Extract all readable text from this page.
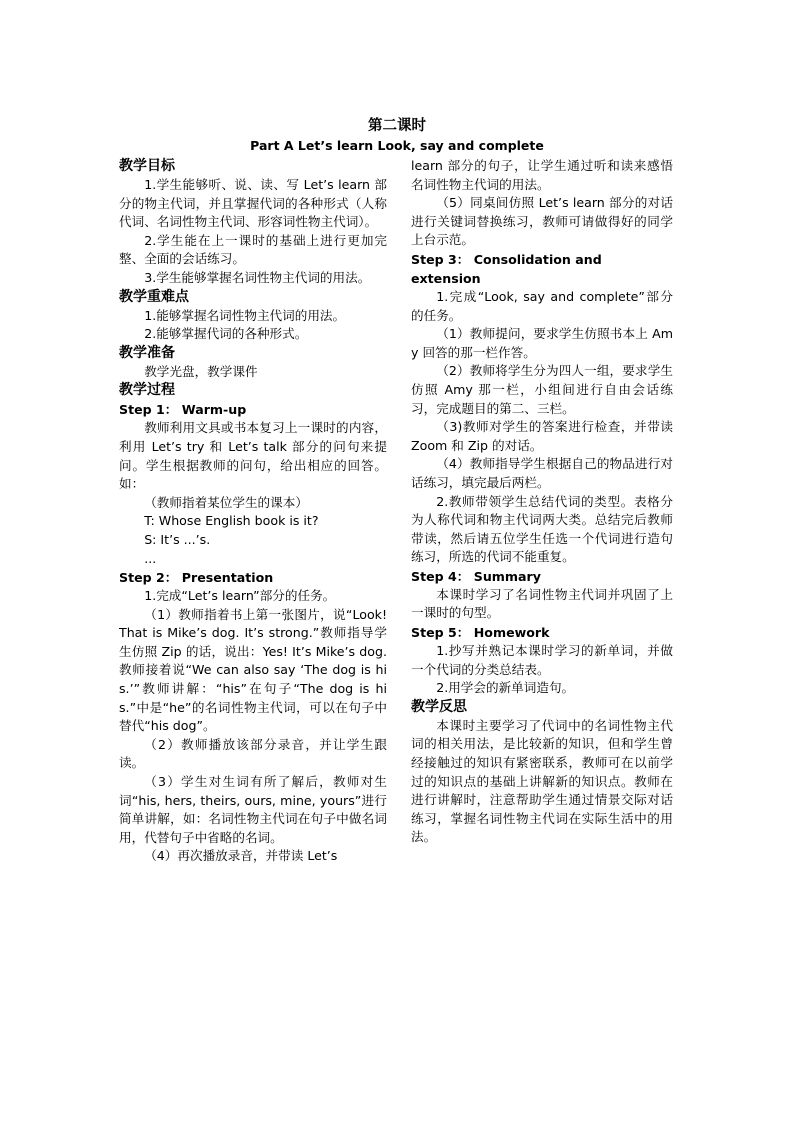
第二课时
Part A Let’s learn Look, say and complete
教学目标

1.学生能够听、说、读、写 Let’s learn 部分的物主代词，并且掌握代词的各种形式（人称代词、名词性物主代词、形容词性物主代词）。

2.学生能在上一课时的基础上进行更加完整、全面的会话练习。

3.学生能够掌握名词性物主代词的用法。

教学重难点

1.能够掌握名词性物主代词的用法。

2.能够掌握代词的各种形式。

教学准备

教学光盘，教学课件

教学过程
Step 1： Warm-up

教师利用文具或书本复习上一课时的内容，利用 Let’s try 和 Let’s talk 部分的问句来提问。学生根据教师的问句，给出相应的回答。如：

（教师指着某位学生的课本）

T: Whose English book is it?

S: It’s ...’s.

...

Step 2： Presentation

1.完成“Let’s learn”部分的任务。

（1）教师指着书上第一张图片，说“Look! That is Mike’s dog. It’s strong.”教师指导学生仿照 Zip 的话，说出：Yes! It’s Mike’s dog.教师接着说“We can also say ‘The dog is his.’”教师讲解：“his”在句子“The dog is his.”中是“he”的名词性物主代词，可以在句子中替代“his dog”。

（2）教师播放该部分录音，并让学生跟读。

（3）学生对生词有所了解后，教师对生词“his, hers, theirs, ours, mine, yours”进行简单讲解，如：名词性物主代词在句子中做名词用，代替句子中省略的名词。

（4）再次播放录音，并带读 Let’s

learn 部分的句子，让学生通过听和读来感悟名词性物主代词的用法。

（5）同桌间仿照 Let’s learn 部分的对话进行关键词替换练习，教师可请做得好的同学上台示范。

Step 3： Consolidation and extension

1.完成“Look, say and complete”部分的任务。

（1）教师提问，要求学生仿照书本上 Amy 回答的那一栏作答。

（2）教师将学生分为四人一组，要求学生仿照 Amy 那一栏，小组间进行自由会话练习，完成题目的第二、三栏。

（3)教师对学生的答案进行检查，并带读 Zoom 和 Zip 的对话。

（4）教师指导学生根据自己的物品进行对话练习，填完最后两栏。

2.教师带领学生总结代词的类型。表格分为人称代词和物主代词两大类。总结完后教师带读，然后请五位学生任选一个代词进行造句练习，所选的代词不能重复。

Step 4： Summary

本课时学习了名词性物主代词并巩固了上一课时的句型。

Step 5： Homework

1.抄写并熟记本课时学习的新单词，并做一个代词的分类总结表。

2.用学会的新单词造句。

教学反思

本课时主要学习了代词中的名词性物主代词的相关用法，是比较新的知识，但和学生曾经接触过的知识有紧密联系，教师可在以前学过的知识点的基础上讲解新的知识点。教师在进行讲解时，注意帮助学生通过情景交际对话练习，掌握名词性物主代词在实际生活中的用法。
